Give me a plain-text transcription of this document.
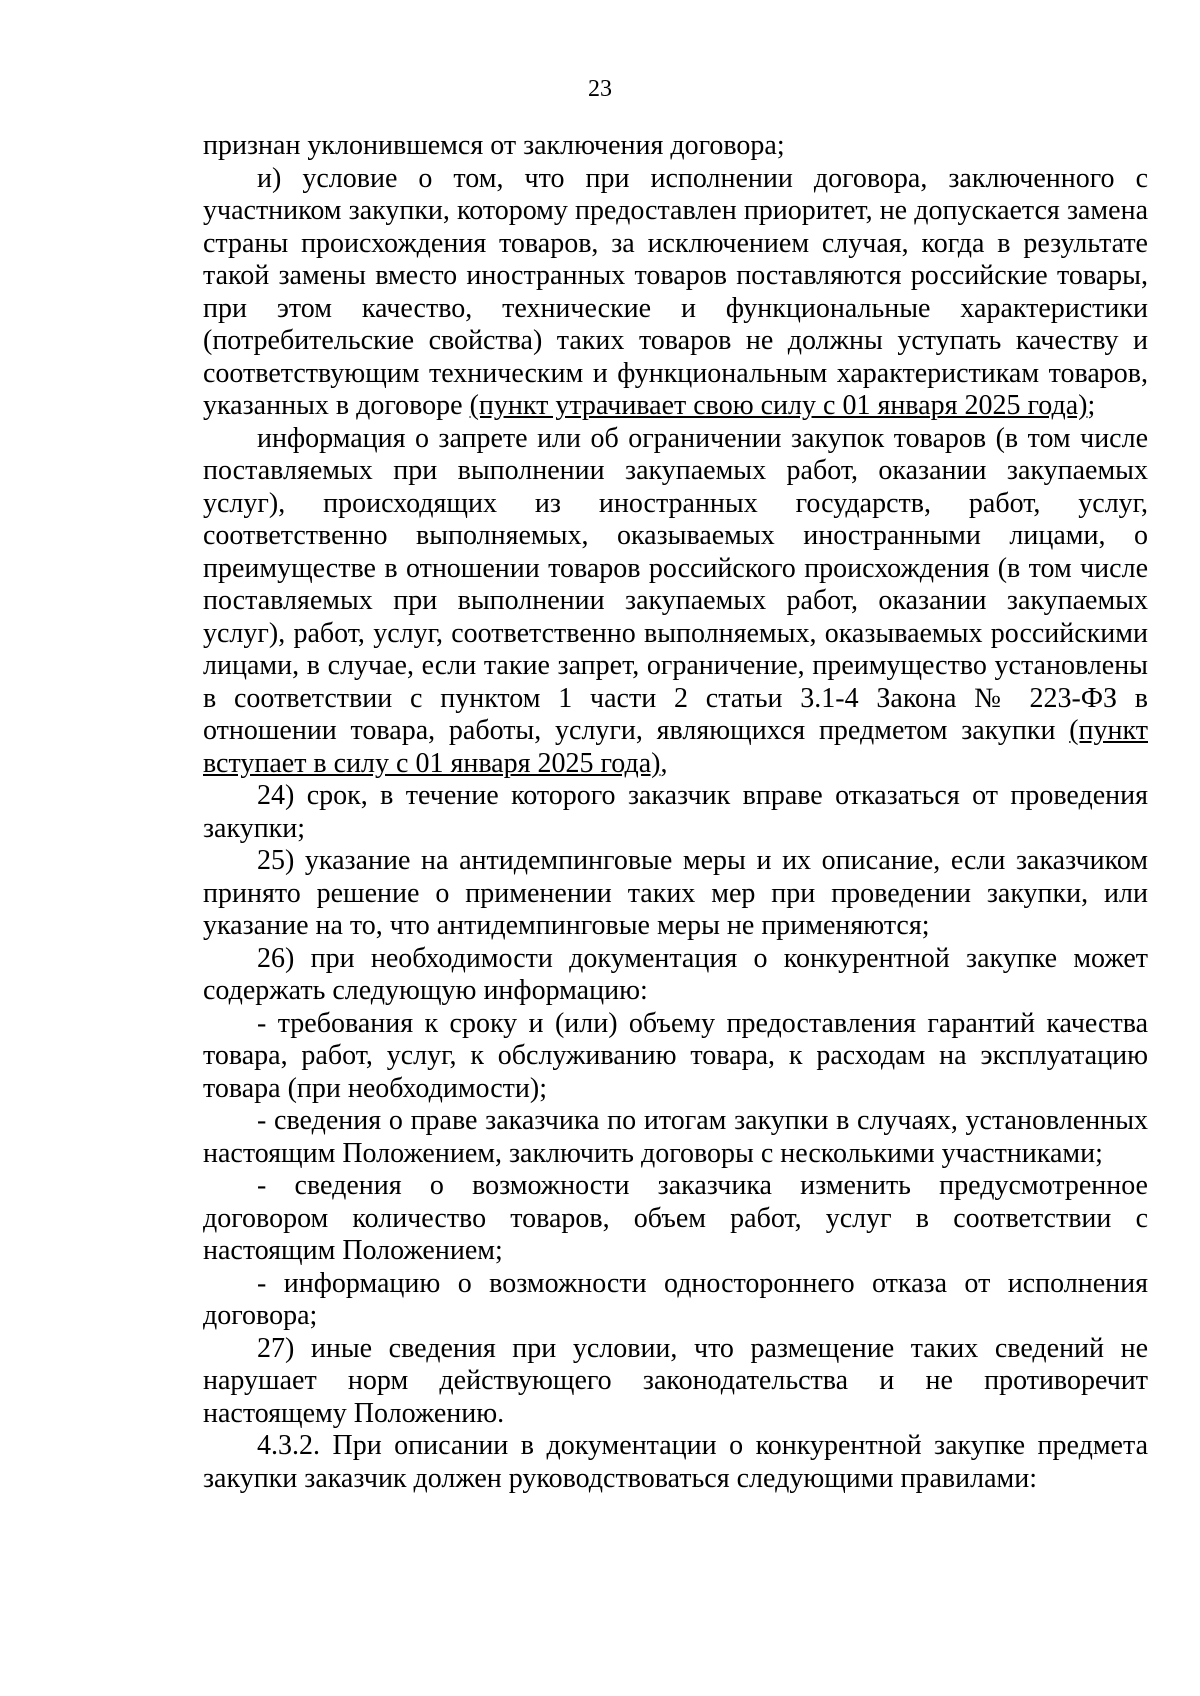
23

признан уклонившемся от заключения договора;

и) условие о том, что при исполнении договора, заключенного с участником закупки, которому предоставлен приоритет, не допускается замена страны происхождения товаров, за исключением случая, когда в результате такой замены вместо иностранных товаров поставляются российские товары, при этом качество, технические и функциональные характеристики (потребительские свойства) таких товаров не должны уступать качеству и соответствующим техническим и функциональным характеристикам товаров, указанных в договоре (пункт утрачивает свою силу с 01 января 2025 года);

информация о запрете или об ограничении закупок товаров (в том числе поставляемых при выполнении закупаемых работ, оказании закупаемых услуг), происходящих из иностранных государств, работ, услуг, соответственно выполняемых, оказываемых иностранными лицами, о преимуществе в отношении товаров российского происхождения (в том числе поставляемых при выполнении закупаемых работ, оказании закупаемых услуг), работ, услуг, соответственно выполняемых, оказываемых российскими лицами, в случае, если такие запрет, ограничение, преимущество установлены в соответствии с пунктом 1 части 2 статьи 3.1-4 Закона № 223-ФЗ в отношении товара, работы, услуги, являющихся предметом закупки (пункт вступает в силу с 01 января 2025 года),

24) срок, в течение которого заказчик вправе отказаться от проведения закупки;

25) указание на антидемпинговые меры и их описание, если заказчиком принято решение о применении таких мер при проведении закупки, или указание на то, что антидемпинговые меры не применяются;

26) при необходимости документация о конкурентной закупке может содержать следующую информацию:

- требования к сроку и (или) объему предоставления гарантий качества товара, работ, услуг, к обслуживанию товара, к расходам на эксплуатацию товара (при необходимости);

- сведения о праве заказчика по итогам закупки в случаях, установленных настоящим Положением, заключить договоры с несколькими участниками;

- сведения о возможности заказчика изменить предусмотренное договором количество товаров, объем работ, услуг в соответствии с настоящим Положением;

- информацию о возможности одностороннего отказа от исполнения договора;

27) иные сведения при условии, что размещение таких сведений не нарушает норм действующего законодательства и не противоречит настоящему Положению.

4.3.2. При описании в документации о конкурентной закупке предмета закупки заказчик должен руководствоваться следующими правилами:
